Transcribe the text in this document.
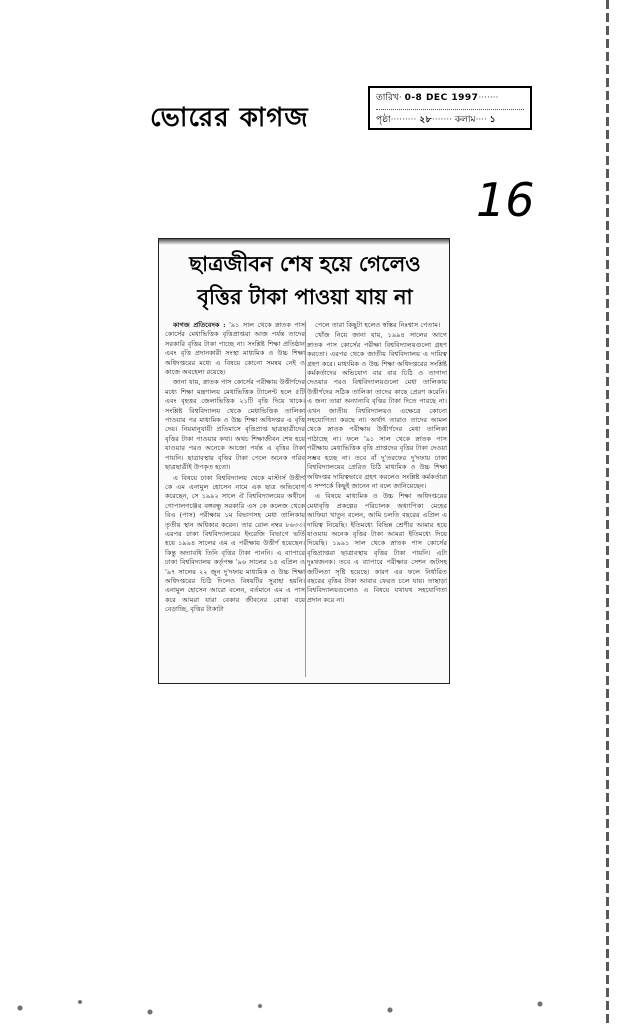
ভোরের কাগজ
তারিখ· 0-8 DEC 1997·······
পৃষ্ঠা········· ২৮······· কলাম···· ১
16
ছাত্রজীবন শেষ হয়ে গেলেও
বৃত্তির টাকা পাওয়া যায় না

কাগজ প্রতিবেদক : '৯১ সাল থেকে স্নাতক পাস কোর্সের মেধাভিত্তিক বৃত্তিপ্রাপ্তরা আজ পর্যন্ত তাদের সরকারি বৃত্তির টাকা পাচ্ছে না। সংশ্লিষ্ট শিক্ষা প্রতিষ্ঠান এবং বৃত্তি প্রদানকারী সংস্থা মাধ্যমিক ও উচ্চ শিক্ষা অধিদপ্তরের মধ্যে এ বিষয়ে কোনো সমন্বয় নেই ও কাজে অবহেলা রয়েছে।

জানা যায়, স্নাতক পাস কোর্সের পরীক্ষায় উত্তীর্ণদের মধ্যে শিক্ষা মন্ত্রণালয় মেধাভিত্তিক ট্যালেন্ট হলে ৫টি এবং বৃহত্তর জেলাভিত্তিক ২১টি বৃত্তি দিয়ে থাকে। সংশ্লিষ্ট বিশ্ববিদ্যালয় থেকে মেধাভিত্তিক তালিকা পাওয়ার পর মাধ্যমিক ও উচ্চ শিক্ষা অধিদপ্তর এ বৃত্তি দেয়। নিয়মানুযায়ী প্রতিমাসে বৃত্তিপ্রাপ্ত ছাত্রছাত্রীদের বৃত্তির টাকা পাওয়ার কথা। অথচ শিক্ষাজীবন শেষ হয়ে যাওয়ার পরও অনেকে আজো পর্যন্ত এ বৃত্তির টাকা পায়নি। ছাত্রাবস্থায় বৃত্তির টাকা পেলে অনেক গরিব ছাত্রছাত্রীই উপকৃত হতো।

এ বিষয়ে ঢাকা বিশ্ববিদ্যালয় থেকে মাস্টার্স উত্তীর্ণ কে এম এনামুল হোসেন নামে এক ছাত্র অভিযোগ করেছেন, সে ১৯৯২ সালে ঐ বিশ্ববিদ্যালয়ের অধীনে গোপালগঞ্জের বঙ্গবন্ধু সরকারি এস কে কলেজ থেকে বিএ (পাস) পরীক্ষায় ১ম বিভাগসহ মেধা তালিকায় তৃতীয় স্থান অধিকার করেন। তার রোল নম্বর ৮৬৩৩। এরপর ঢাকা বিশ্ববিদ্যালয়ের ইংরেজি বিভাগে ভর্তি হয়ে ১৯৯৪ সালের এম এ পরীক্ষায় উত্তীর্ণ হয়েছেন। কিন্তু অদ্যাবধি তিনি বৃত্তির টাকা পাননি। এ ব্যাপারে ঢাকা বিশ্ববিদ্যালয় কর্তৃপক্ষ '৯৬ সালের ১৫ এপ্রিল ও '৯৭ সালের ২২ জুন দু'দফায় মাধ্যমিক ও উচ্চ শিক্ষা অধিদপ্তরের চিঠি দিলেও বিষয়টির সুরাহা হয়নি। এনামুল হোসেন আরো বলেন, বর্তমানে এম এ পাস করে আমরা যারা বেকার জীবনের বোঝা বয়ে বেড়াচ্ছি, বৃত্তির টাকাটা

পেলে তারা কিছুটা হলেও স্বস্তির নিঃশ্বাস পেতাম।

খোঁজ নিয়ে জানা যায়, ১৯৯৪ সালের আগে স্নাতক পাস কোর্সের পরীক্ষা বিশ্ববিদ্যালয়গুলো গ্রহণ করতো। এরপর থেকে জাতীয় বিশ্ববিদ্যালয় এ দায়িত্ব গ্রহণ করে। মাধ্যমিক ও উচ্চ শিক্ষা অধিদপ্তরের সংশ্লিষ্ট কর্মকর্তাদের অভিযোগ বার বার চিঠি ও তাগাদা দেওয়ার পরও বিশ্ববিদ্যালয়গুলো মেধা তালিকায় উত্তীর্ণদের সঠিক তালিকা তাদের কাছে প্রেরণ করেনি। এ জন্য তারা অন্যান্যবি বৃত্তির টাকা দিতে পারছে না। এখন জাতীয় বিশ্ববিদ্যালয়ও এক্ষেত্রে কোনো সহযোগিতা করছে না। অর্থাৎ তারাও তাদের আমল থেকে স্নাতক পরীক্ষায় উত্তীর্ণদের মেধা তালিকা পাঠাচ্ছে না। ফলে '৯১ সাল থেকে স্নাতক পাস পরীক্ষায় মেধাভিত্তিক বৃত্তি প্রাপ্তদের বৃত্তির টাকা দেওয়া সম্ভব হচ্ছে না। তবে বাঁ দু'তরফের দু'দফায় ঢাকা বিশ্ববিদ্যালয়ের প্রেরিত চিঠি মাধ্যমিক ও উচ্চ শিক্ষা অধিদপ্তর দায়িত্বভাবে গ্রহণ করলেও সংশ্লিষ্ট কর্মকর্তারা এ সম্পর্কে কিছুই জানেন না বলে জানিয়েছেন।

এ বিষয়ে মাধ্যমিক ও উচ্চ শিক্ষা অধিদপ্তরের মেধাবৃত্তি প্রকল্পের পরিচালক অধ্যাপিকা মেহের আফিয়া খাতুন বলেন, আমি চলতি বছরের এপ্রিল এ দায়িত্ব নিয়েছি। ইতিমধ্যে বিভিন্ন শ্রেণীর আমার হয়ে যাওয়ায় অনেক বৃত্তির টাকা আমরা ইতিমধ্যে দিয়ে দিয়েছি। ১৯৯১ সাল থেকে স্নাতক পাস কোর্সের বৃত্তিপ্রাপ্তরা ছাত্রাবস্থায় বৃত্তির টাকা পায়নি। এটা দুঃখজনক। তবে এ ব্যাপারে পরীক্ষার সেশন জটসহ জটিলতা সৃষ্টি হয়েছে। কারণ এর ফলে নির্ধারিত বছরের বৃত্তির টাকা আবার ফেরত চলে যায়। তাছাড়া বিশ্ববিদ্যালয়গুলোও এ বিষয়ে যথাযথ সহযোগিতা প্রদান করে না।
